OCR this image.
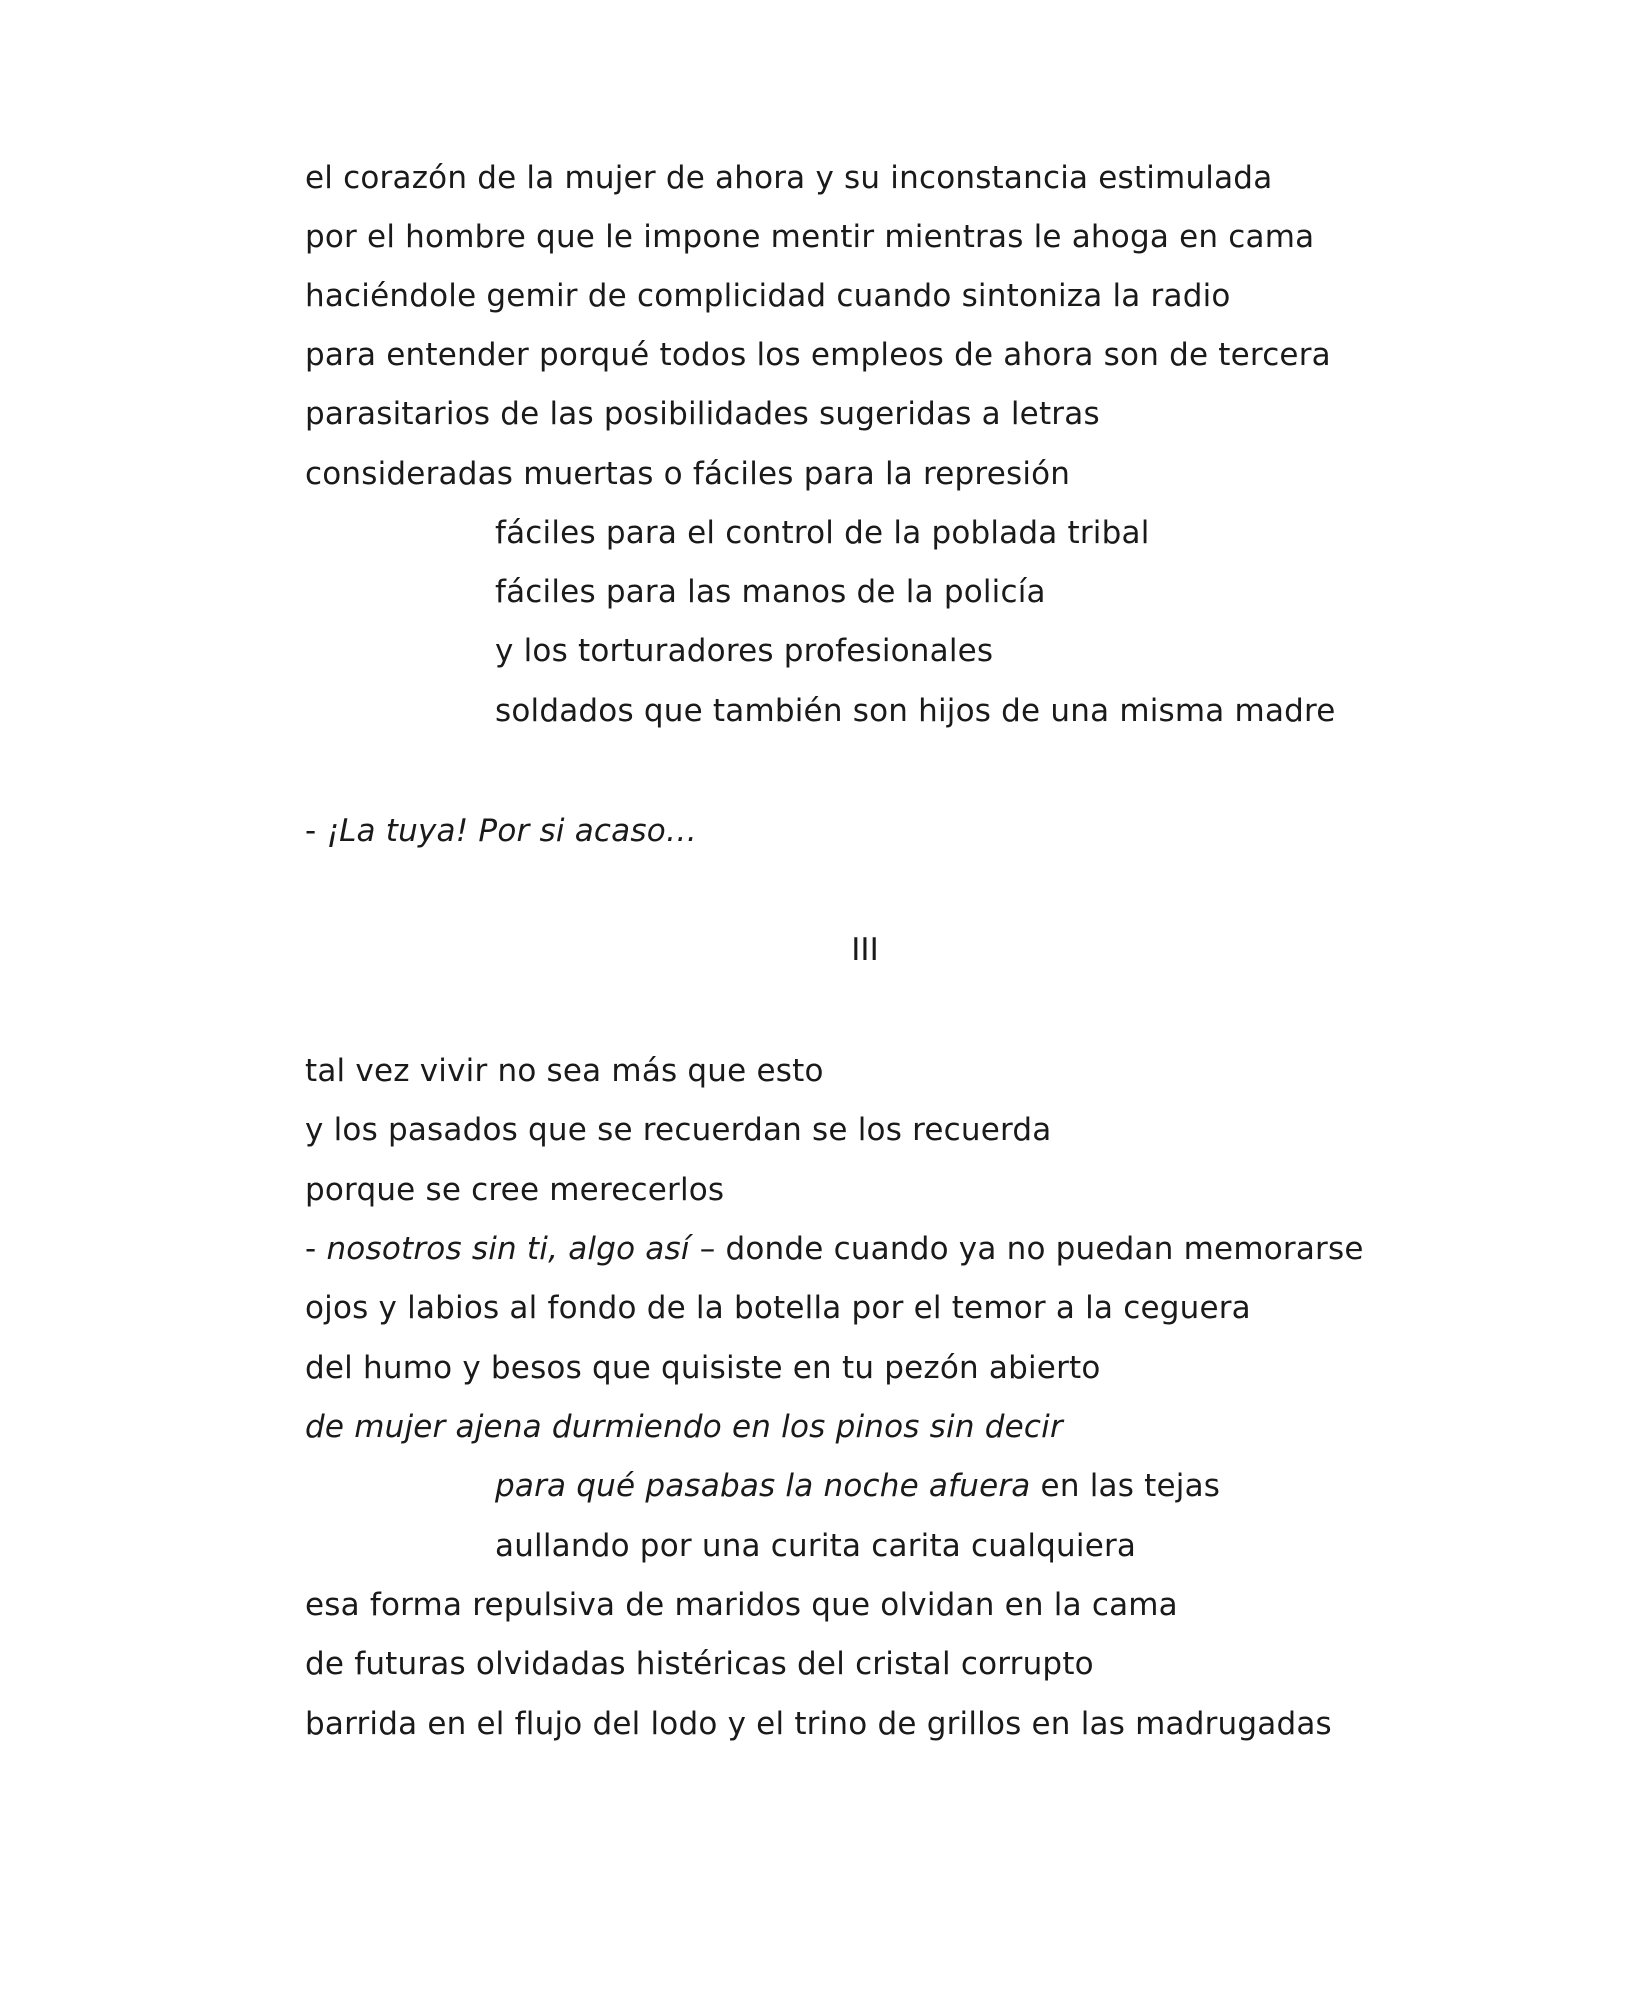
el corazón de la mujer de ahora y su inconstancia estimulada
por el hombre que le impone mentir mientras le ahoga en cama
haciéndole gemir de complicidad cuando sintoniza la radio
para entender porqué todos los empleos de ahora son de tercera
parasitarios de las posibilidades sugeridas a letras
consideradas muertas o fáciles para la represión
fáciles para el control de la poblada tribal
fáciles para las manos de la policía
y los torturadores profesionales
soldados que también son hijos de una misma madre
- ¡La tuya! Por si acaso…
III
tal vez vivir no sea más que esto
y los pasados que se recuerdan se los recuerda
porque se cree merecerlos
- nosotros sin ti, algo así – donde cuando ya no puedan memorarse
ojos y labios al fondo de la botella por el temor a la ceguera
del humo y besos que quisiste en tu pezón abierto
de mujer ajena durmiendo en los pinos sin decir
para qué pasabas la noche afuera en las tejas
aullando por una curita carita cualquiera
esa forma repulsiva de maridos que olvidan en la cama
de futuras olvidadas histéricas del cristal corrupto
barrida en el flujo del lodo y el trino de grillos en las madrugadas
